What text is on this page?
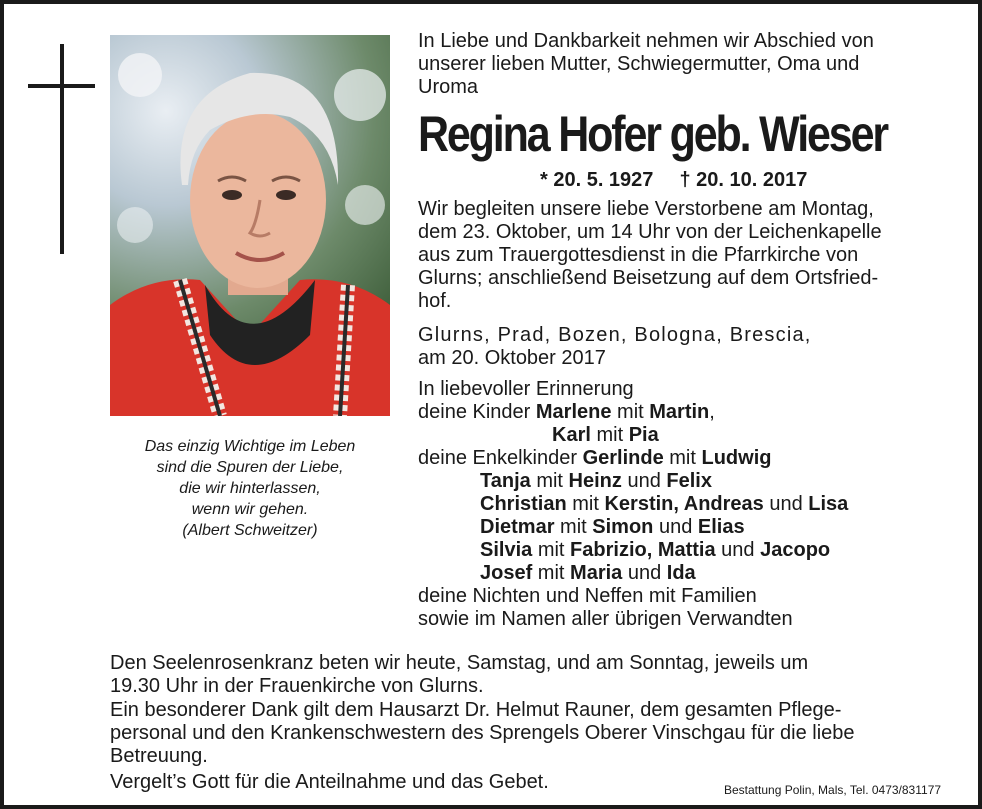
Das einzig Wichtige im Leben
sind die Spuren der Liebe,
die wir hinterlassen,
wenn wir gehen.
(Albert Schweitzer)
In Liebe und Dankbarkeit nehmen wir Abschied von
unserer lieben Mutter, Schwiegermutter, Oma und
Uroma
Regina Hofer geb. Wieser
* 20. 5. 1927 † 20. 10. 2017
Wir begleiten unsere liebe Verstorbene am Montag,
dem 23. Oktober, um 14 Uhr von der Leichenkapelle
aus zum Trauergottesdienst in die Pfarrkirche von
Glurns; anschließend Beisetzung auf dem Ortsfried-
hof.
Glurns, Prad, Bozen, Bologna, Brescia,
am 20. Oktober 2017
In liebevoller Erinnerung
deine Kinder Marlene mit Martin,
Karl mit Pia
deine Enkelkinder Gerlinde mit Ludwig
Tanja mit Heinz und Felix
Christian mit Kerstin, Andreas und Lisa
Dietmar mit Simon und Elias
Silvia mit Fabrizio, Mattia und Jacopo
Josef mit Maria und Ida
deine Nichten und Neffen mit Familien
sowie im Namen aller übrigen Verwandten
Den Seelenrosenkranz beten wir heute, Samstag, und am Sonntag, jeweils um
19.30 Uhr in der Frauenkirche von Glurns.
Ein besonderer Dank gilt dem Hausarzt Dr. Helmut Rauner, dem gesamten Pflege-
personal und den Krankenschwestern des Sprengels Oberer Vinschgau für die liebe
Betreuung.
Vergelt’s Gott für die Anteilnahme und das Gebet.	Bestattung Polin, Mals, Tel. 0473/831177
